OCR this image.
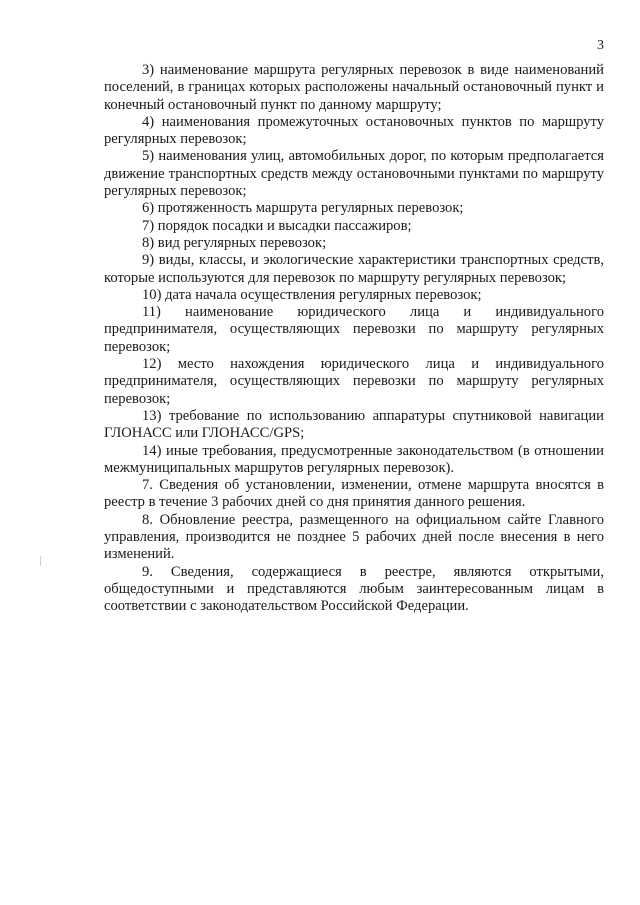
3

3) наименование маршрута регулярных перевозок в виде наименований поселений, в границах которых расположены начальный остановочный пункт и конечный остановочный пункт по данному маршруту;

4) наименования промежуточных остановочных пунктов по маршруту регулярных перевозок;

5) наименования улиц, автомобильных дорог, по которым предполагается движение транспортных средств между остановочными пунктами по маршруту регулярных перевозок;

6) протяженность маршрута регулярных перевозок;

7) порядок посадки и высадки пассажиров;

8) вид регулярных перевозок;

9) виды, классы, и экологические характеристики транспортных средств, которые используются для перевозок по маршруту регулярных перевозок;

10) дата начала осуществления регулярных перевозок;

11) наименование юридического лица и индивидуального предпринимателя, осуществляющих перевозки по маршруту регулярных перевозок;

12) место нахождения юридического лица и индивидуального предпринимателя, осуществляющих перевозки по маршруту регулярных перевозок;

13) требование по использованию аппаратуры спутниковой навигации ГЛОНАСС или ГЛОНАСС/GPS;

14) иные требования, предусмотренные законодательством (в отношении межмуниципальных маршрутов регулярных перевозок).

7. Сведения об установлении, изменении, отмене маршрута вносятся в реестр в течение 3 рабочих дней со дня принятия данного решения.

8. Обновление реестра, размещенного на официальном сайте Главного управления, производится не позднее 5 рабочих дней после внесения в него изменений.

9. Сведения, содержащиеся в реестре, являются открытыми, общедоступными и представляются любым заинтересованным лицам в соответствии с законодательством Российской Федерации.
